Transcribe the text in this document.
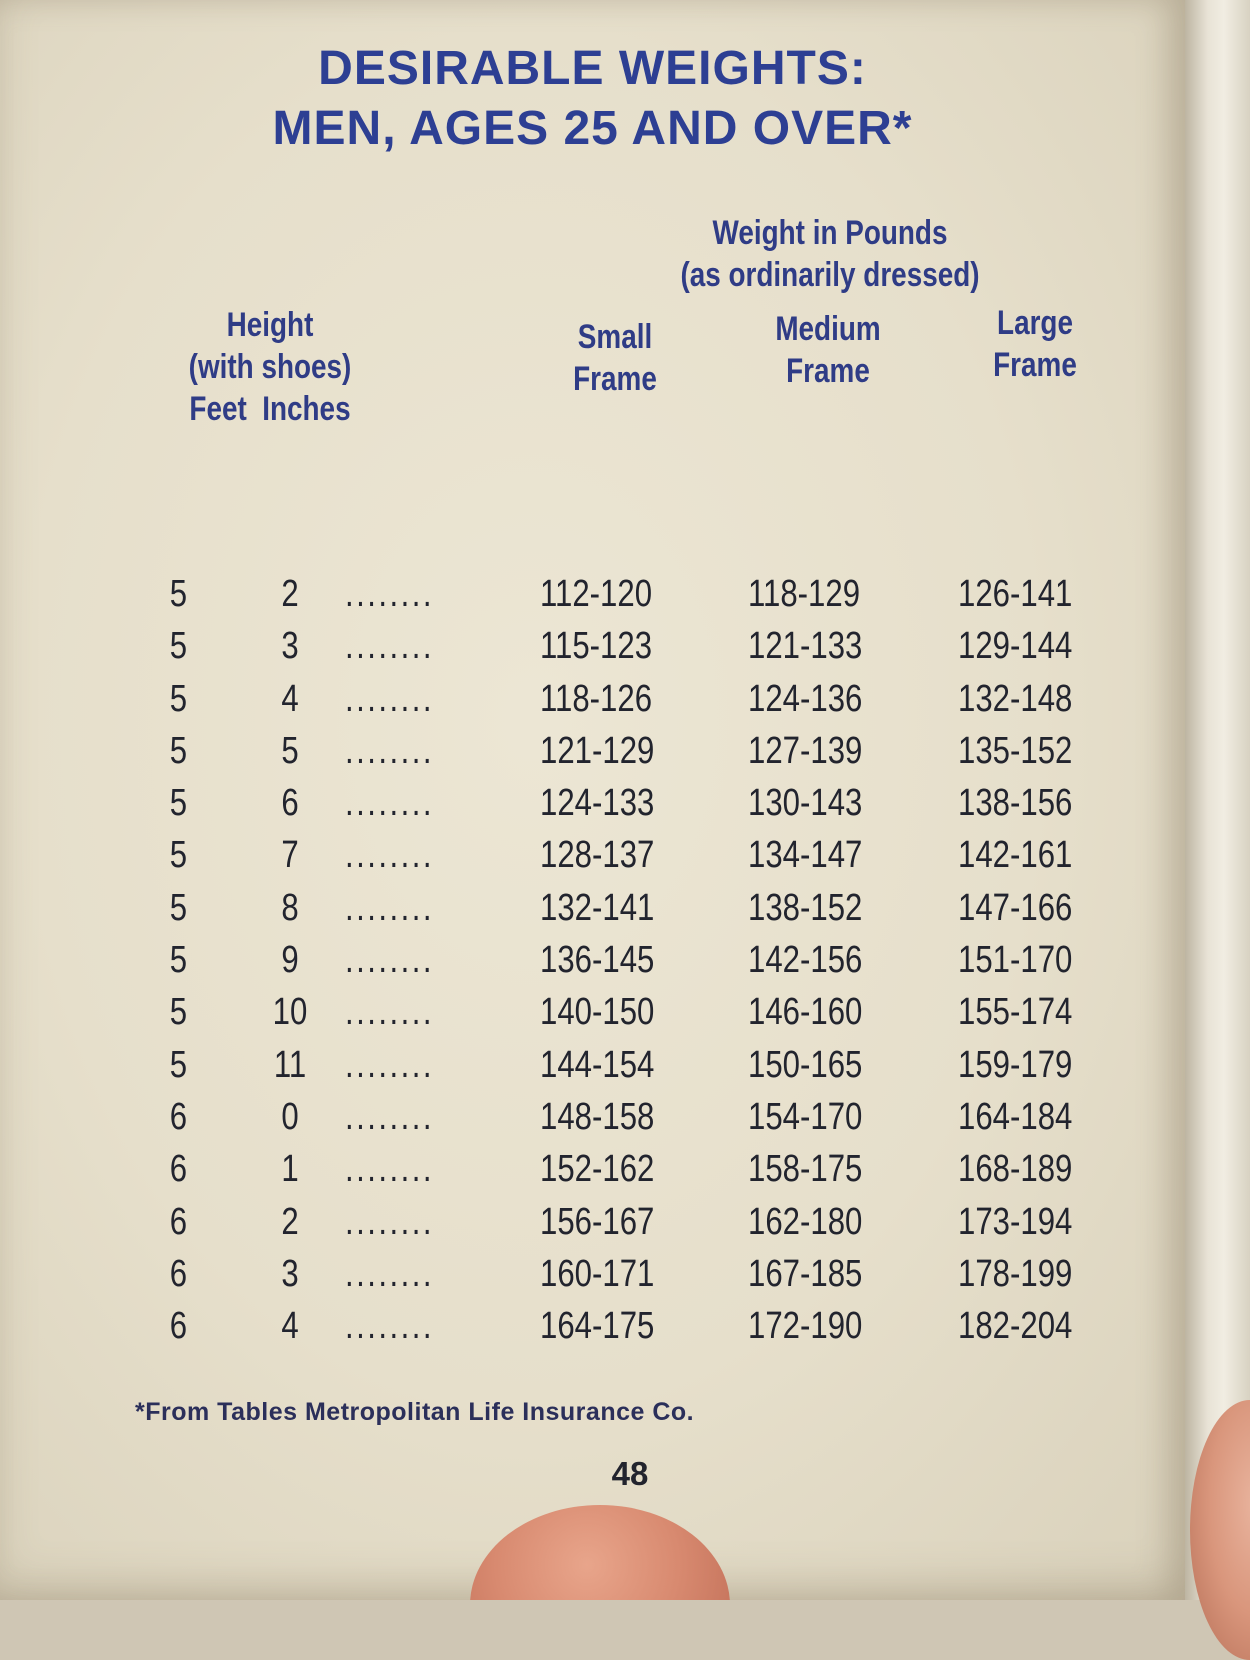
DESIRABLE WEIGHTS:
MEN, AGES 25 AND OVER*
Weight in Pounds
(as ordinarily dressed)
Height
(with shoes)
Feet Inches
Small
Frame
Medium
Frame
Large
Frame
5	2	........	112-120	118-129	126-141
5	3	........	115-123	121-133	129-144
5	4	........	118-126	124-136	132-148
5	5	........	121-129 127-139	135-152
5	6	........	124-133 130-143	138-156
5	7	........	128-137 134-147	142-161
5	8	........	132-141 138-152	147-166
5	9	........	136-145 142-156	151-170
5 10 ........	140-150 146-160	155-174
5 11 ........	144-154 150-165	159-179
6	0	........	148-158 154-170	164-184
6	1	........	152-162 158-175	168-189
6	2	........	156-167 162-180	173-194
6	3	........	160-171 167-185	178-199
6	4	........	164-175 172-190	182-204
*From Tables Metropolitan Life Insurance Co.
48
